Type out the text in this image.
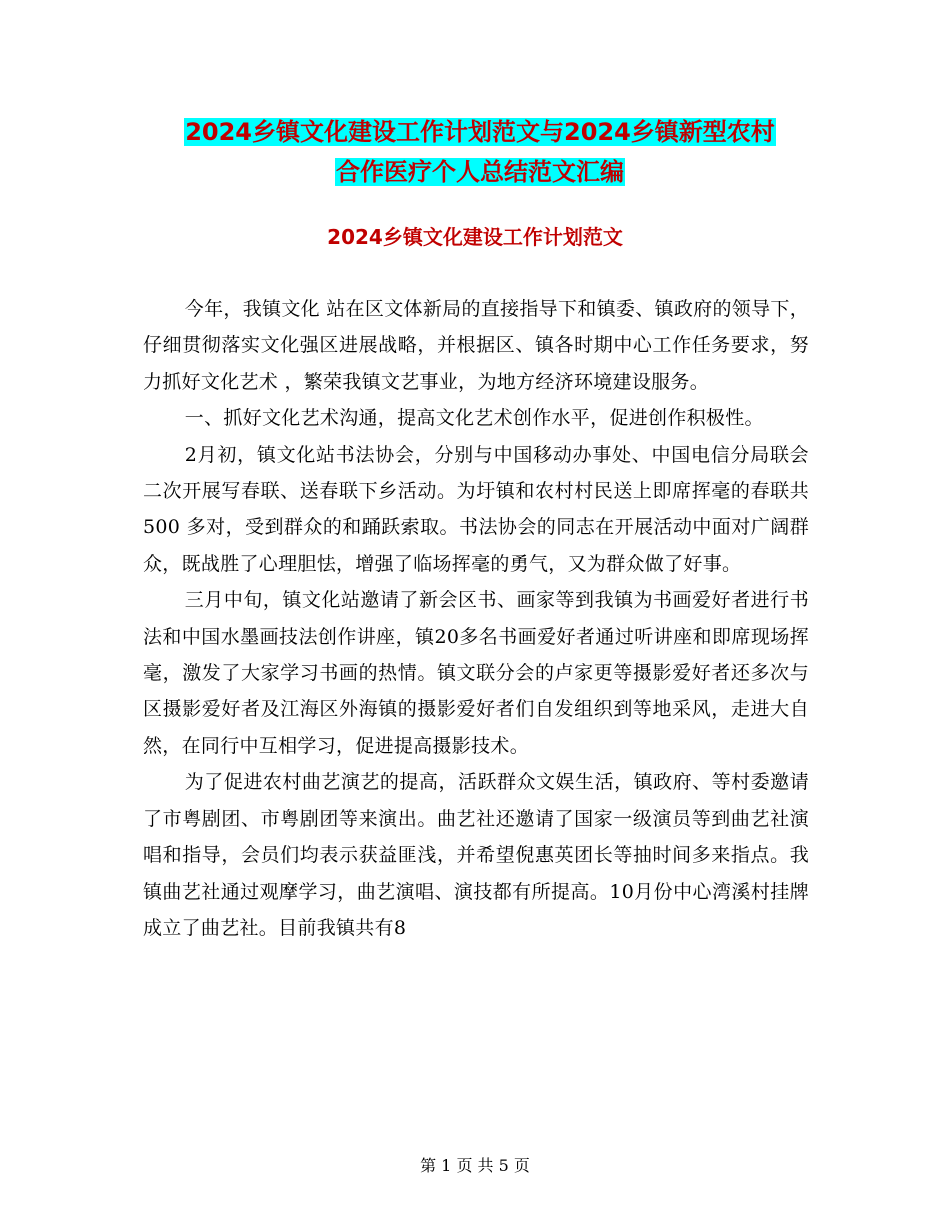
2024乡镇文化建设工作计划范文与2024乡镇新型农村
合作医疗个人总结范文汇编
2024乡镇文化建设工作计划范文

今年，我镇文化 站在区文体新局的直接指导下和镇委、镇政府的领导下，仔细贯彻落实文化强区进展战略，并根据区、镇各时期中心工作任务要求，努力抓好文化艺术 ，繁荣我镇文艺事业，为地方经济环境建设服务。

一、抓好文化艺术沟通，提高文化艺术创作水平，促进创作积极性。

2月初，镇文化站书法协会，分别与中国移动办事处、中国电信分局联会二次开展写春联、送春联下乡活动。为圩镇和农村村民送上即席挥毫的春联共500 多对，受到群众的和踊跃索取。书法协会的同志在开展活动中面对广阔群众，既战胜了心理胆怯，增强了临场挥毫的勇气，又为群众做了好事。

三月中旬，镇文化站邀请了新会区书、画家等到我镇为书画爱好者进行书法和中国水墨画技法创作讲座，镇20多名书画爱好者通过听讲座和即席现场挥毫，激发了大家学习书画的热情。镇文联分会的卢家更等摄影爱好者还多次与区摄影爱好者及江海区外海镇的摄影爱好者们自发组织到等地采风，走进大自然，在同行中互相学习，促进提高摄影技术。

为了促进农村曲艺演艺的提高，活跃群众文娱生活，镇政府、等村委邀请了市粤剧团、市粤剧团等来演出。曲艺社还邀请了国家一级演员等到曲艺社演唱和指导，会员们均表示获益匪浅，并希望倪惠英团长等抽时间多来指点。我镇曲艺社通过观摩学习，曲艺演唱、演技都有所提高。10月份中心湾溪村挂牌成立了曲艺社。目前我镇共有8

第 1 页 共 5 页
